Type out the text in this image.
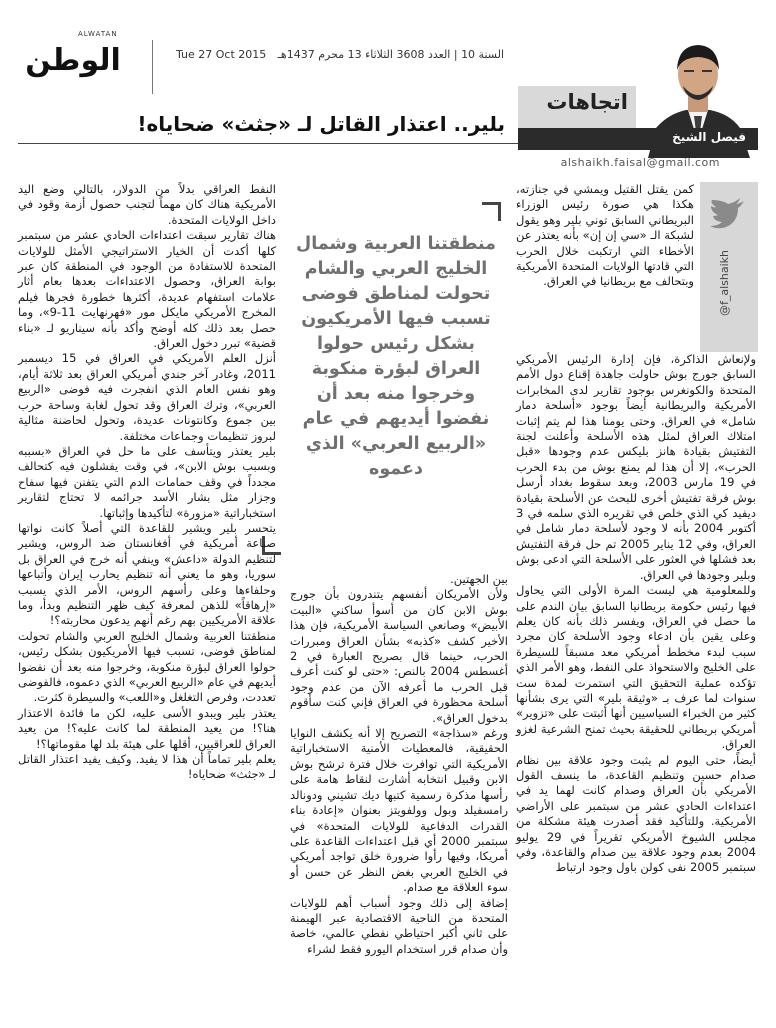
ALWATAN
الوطن	Tue 27 Oct 2015 السنة 10 | العدد 3608 الثلاثاء 13 محرم 1437هـ
اتجاهات
فيصل الشيخ
alshaikh.faisal@gmail.com
بلير.. اعتذار القاتل لـ «جثث» ضحاياه!
@f_alshaikh

كمن يقتل القتيل ويمشي في جنازته، هكذا هي صورة رئيس الوزراء البريطاني السابق توني بلير وهو يقول لشبكة الـ «سي إن إن» بأنه يعتذر عن الأخطاء التي ارتكبت خلال الحرب التي قادتها الولايات المتحدة الأمريكية وبتحالف مع بريطانيا في العراق.

ولإنعاش الذاكرة، فإن إدارة الرئيس الأمريكي السابق جورج بوش حاولت جاهدة إقناع دول الأمم المتحدة والكونغرس بوجود تقارير لدى المخابرات الأمريكية والبريطانية أيضاً بوجود «أسلحة دمار شامل» في العراق. وحتى يومنا هذا لم يتم إثبات امتلاك العراق لمثل هذه الأسلحة وأعلنت لجنة التفتيش بقيادة هانز بليكس عدم وجودها «قبل الحرب»، إلا أن هذا لم يمنع بوش من بدء الحرب في 19 مارس 2003، وبعد سقوط بغداد أرسل بوش فرقة تفتيش أخرى للبحث عن الأسلحة بقيادة ديفيد كي الذي خلص في تقريره الذي سلمه في 3 أكتوبر 2004 بأنه لا وجود لأسلحة دمار شامل في العراق، وفي 12 يناير 2005 تم حل فرقة التفتيش بعد فشلها في العثور على الأسلحة التي ادعى بوش وبلير وجودها في العراق.

وللمعلومية هي ليست المرة الأولى التي يحاول فيها رئيس حكومة بريطانيا السابق بيان الندم على ما حصل في العراق، ويفسر ذلك بأنه كان يعلم وعلى يقين بأن ادعاء وجود الأسلحة كان مجرد سبب لبدء مخطط أمريكي معد مسبقاً للسيطرة على الخليج والاستحواذ على النفط، وهو الأمر الذي تؤكده عملية التحقيق التي استمرت لمدة ست سنوات لما عرف بـ «وثيقة بلير» التي يرى بشأنها كثير من الخبراء السياسيين أنها أثبتت على «تزوير» أمريكي بريطاني للحقيقة بحيث تمنح الشرعية لغزو العراق.

أيضاً، حتى اليوم لم يثبت وجود علاقة بين نظام صدام حسين وتنظيم القاعدة، ما ينسف القول الأمريكي بأن العراق وصدام كانت لهما يد في اعتداءات الحادي عشر من سبتمبر على الأراضي الأمريكية. وللتأكيد فقد أصدرت هيئة مشكلة من مجلس الشيوخ الأمريكي تقريراً في 29 يوليو 2004 بعدم وجود علاقة بين صدام والقاعدة، وفي سبتمبر 2005 نفى كولن باول وجود ارتباط

منطقتنا العربية وشمال الخليج العربي والشام تحولت لمناطق فوضى تسبب فيها الأمريكيون بشكل رئيس حولوا العراق لبؤرة منكوبة وخرجوا منه بعد أن نفضوا أيديهم في عام «الربيع العربي» الذي دعموه

بين الجهتين.

ولأن الأمريكان أنفسهم يتندرون بأن جورج بوش الابن كان من أسوأ ساكني «البيت الأبيض» وصانعي السياسة الأمريكية، فإن هذا الأخير كشف «كذبه» بشأن العراق ومبررات الحرب، حينما قال بصريح العبارة في 2 أغسطس 2004 بالنص: «حتى لو كنت أعرف قبل الحرب ما أعرفه الآن من عدم وجود أسلحة محظورة في العراق فإني كنت سأقوم بدخول العراق».

ورغم «سذاجة» التصريح إلا أنه يكشف النوايا الحقيقية، فالمعطيات الأمنية الاستخباراتية الأمريكية التي توافرت خلال فترة ترشح بوش الابن وقبيل انتخابه أشارت لنقاط هامة على رأسها مذكرة رسمية كتبها ديك تشيني ودونالد رامسفيلد وبول وولفويتز بعنوان «إعادة بناء القدرات الدفاعية للولايات المتحدة» في سبتمبر 2000 أي قبل اعتداءات القاعدة على أمريكا، وفيها رأوا ضرورة خلق تواجد أمريكي في الخليج العربي بغض النظر عن حسن أو سوء العلاقة مع صدام.

إضافة إلى ذلك وجود أسباب أهم للولايات المتحدة من الناحية الاقتصادية عبر الهيمنة على ثاني أكبر احتياطي نفطي عالمي، خاصة وأن صدام قرر استخدام اليورو فقط لشراء

النفط العراقي بدلاً من الدولار، بالتالي وضع اليد الأمريكية هناك كان مهماً لتجنب حصول أزمة وقود في داخل الولايات المتحدة.

هناك تقارير سبقت اعتداءات الحادي عشر من سبتمبر كلها أكدت أن الخيار الاستراتيجي الأمثل للولايات المتحدة للاستفادة من الوجود في المنطقة كان عبر بوابة العراق، وحصول الاعتداءات بعدها بعام أثار علامات استفهام عديدة، أكثرها خطورة فجرها فيلم المخرج الأمريكي مايكل مور «فهرنهايت 11-9»، وما حصل بعد ذلك كله أوضح وأكد بأنه سيناريو لـ «بناء قضية» تبرر دخول العراق.

أنزل العلم الأمريكي في العراق في 15 ديسمبر 2011، وغادر آخر جندي أمريكي العراق بعد ثلاثة أيام، وهو نفس العام الذي انفجرت فيه فوضى «الربيع العربي»، وترك العراق وقد تحول لغابة وساحة حرب بين جموع وكانتونات عديدة، وتحول لحاضنة مثالية لبروز تنظيمات وجماعات مختلفة.

بلير يعتذر ويتأسف على ما حل في العراق «بسببه وبسبب بوش الابن»، في وقت يفشلون فيه كتحالف مجدداً في وقف حمامات الدم التي يتفنن فيها سفاح وجزار مثل بشار الأسد جرائمه لا تحتاج لتقارير استخباراتية «مزورة» لتأكيدها وإثباتها.

يتحسر بلير ويشير للقاعدة التي أصلاً كانت نواتها صناعة أمريكية في أفغانستان ضد الروس، ويشير لتنظيم الدولة «داعش» وينفي أنه خرج في العراق بل سوريا، وهو ما يعني أنه تنظيم يحارب إيران وأتباعها وحلفاءها وعلى رأسهم الروس، الأمر الذي يسبب «إرهاقاً» للذهن لمعرفة كيف ظهر التنظيم وبدأ، وما علاقة الأمريكيين بهم رغم أنهم يدعون محاربته؟!

منطقتنا العربية وشمال الخليج العربي والشام تحولت لمناطق فوضى، تسبب فيها الأمريكيون بشكل رئيس، حولوا العراق لبؤرة منكوبة، وخرجوا منه بعد أن نفضوا أيديهم في عام «الربيع العربي» الذي دعموه، فالفوضى تعددت، وفرص التغلغل و«اللعب» والسيطرة كثرت.

يعتذر بلير ويبدو الأسى عليه، لكن ما فائدة الاعتذار هنا؟! من يعيد المنطقة لما كانت عليه؟! من يعيد العراق للعراقيين، أقلها على هيئة بلد لها مقوماتها؟!

يعلم بلير تماماً أن هذا لا يفيد. وكيف يفيد اعتذار القاتل لـ «جثث» ضحاياه!
